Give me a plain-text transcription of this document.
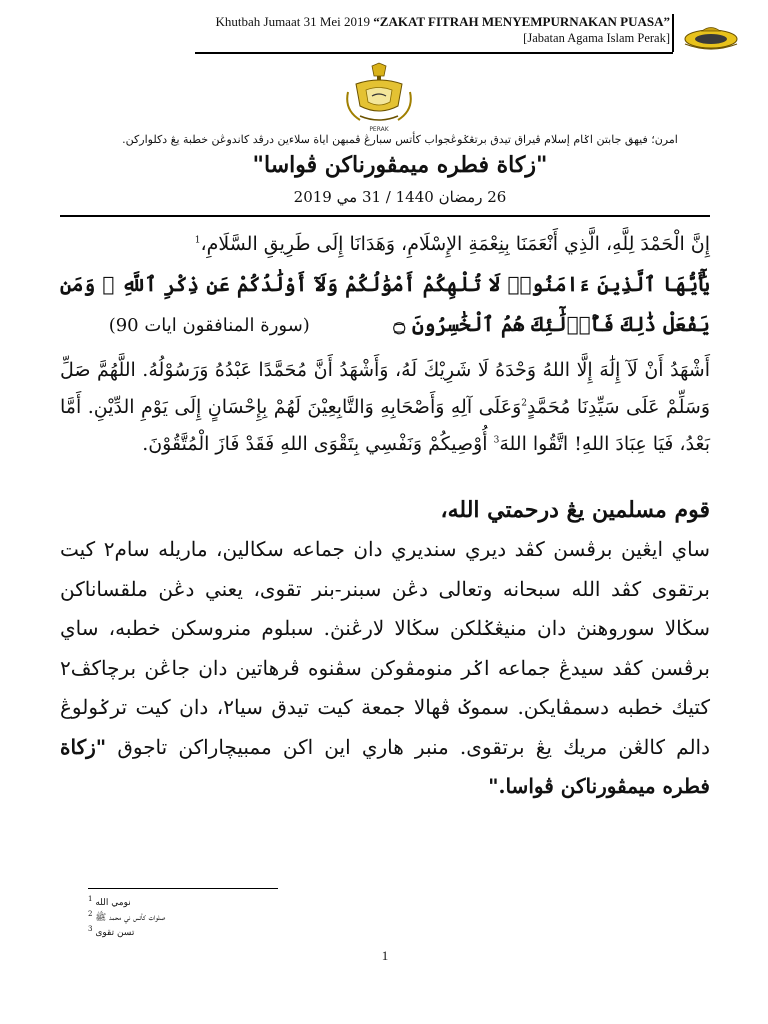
Khutbah Jumaat 31 Mei 2019 “ZAKAT FITRAH MENYEMPURNAKAN PUASA”
[Jabatan Agama Islam Perak]
PERAK
امرن؛ فيهق جابتن اݢام إسلام ڤيراق تيدق برتڠݢوڠجواب كأتس سبارڠ ڤمبهن اياة سلاءين درڤد كاندوڠن خطبة يڠ دكلواركن.
"زكاة فطره ميمڤورناكن ڤواسا"
26 رمضان 1440 / 31 مي 2019
إِنَّ الْحَمْدَ لِلَّهِ، الَّذِي أَنْعَمَنَا بِنِعْمَةِ الإِسْلَامِ، وَهَدَانَا إِلَى طَرِيقِ السَّلَامِ،$^1$
يَٰٓأَيُّهَا ٱلَّذِينَ ءَامَنُوا۟ لَا تُلْهِكُمْ أَمْوَٰلُكُمْ وَلَآ أَوْلَٰدُكُمْ عَن ذِكْرِ ٱللَّهِ ۚ وَمَن يَفْعَلْ ذَٰلِكَ فَأُو۟لَٰٓئِكَ هُمُ ٱلْخَٰسِرُونَ ۝            (سورة المنافقون ايات 90)
أَشْهَدُ أَنْ لَآ إِلَٰهَ إِلَّا اللهُ وَحْدَهُ لَا شَرِيْكَ لَهُ، وَأَشْهَدُ أَنَّ مُحَمَّدًا عَبْدُهُ وَرَسُوْلُهُ. اللَّهُمَّ صَلِّ وَسَلِّمْ عَلَى سَيِّدِنَا مُحَمَّدٍ$^2$وَعَلَى آلِهِ وَأَصْحَابِهِ وَالتَّابِعِيْنَ لَهُمْ بِإِحْسَانٍ إِلَى يَوْمِ الدِّيْنِ. أَمَّا بَعْدُ، فَيَا عِبَادَ اللهِ! اتَّقُوا اللهَ$^3$ أُوْصِيكُمْ وَنَفْسِي بِتَقْوَى اللهِ فَقَدْ فَازَ الْمُتَّقُوْنَ.
قوم مسلمين يڠ درحمتي الله،
ساي ايڠين برڤسن كڤد ديري سنديري دان جماعه سكالين، ماريله سام٢ كيت برتقوى كڤد الله سبحانه وتعالى دڠن سبنر-بنر تقوى، يعني دڠن ملقساناكن سڬالا سوروهنڽ دان منيڠݢلكن سڬالا لارڠنڽ. سبلوم منروسكن خطبه، ساي برڤسن كڤد سيدڠ جماعه اݢر منومڤوكن سڤنوه ڤرهاتين دان جاڠن برچاكڤ٢ كتيك خطبه دسمڤايكن. سموݢ ڤهالا جمعة كيت تيدق سيا٢، دان كيت ترݢولوڠ دالم كالڠن مريك يڠ برتقوى. منبر هاري اين اكن ممبيچاراكن تاجوق "زكاة فطره ميمڤورناكن ڤواسا."
$^1$ نومي الله
$^2$ صلوات كأتس ني محمد ﷺ
$^3$ تسن تقوى
1
